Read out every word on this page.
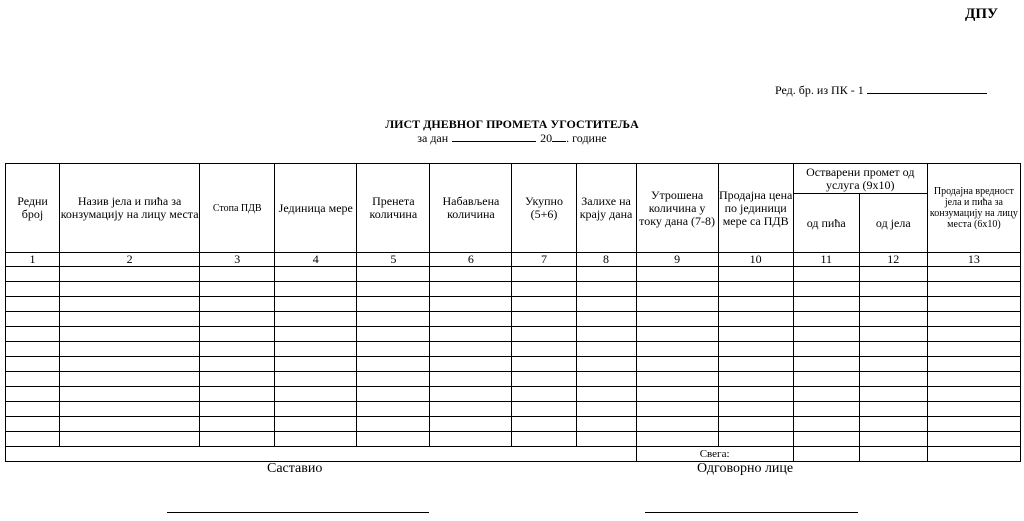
ДПУ
Ред. бр. из ПК - 1
ЛИСТ ДНЕВНОГ ПРОМЕТА УГОСТИТЕЉА
за дан	20 . године
Редни број	Назив јела и пића за конзумацију на лицу места	Стопа ПДВ	Јединица мере	Пренета количина	Набављена количина	Укупно (5+6)	Залихе на крају дана	Утрошена количина у току дана (7-8)	Продајна цена по јединици мере са ПДВ	Остварени промет од услуга (9x10)		Продајна вредност јела и пића за конзумацију на лицу места (6x10)
										од пића	од јела	
1	2	3	4	5	6	7	8	9	10	11	12	13

								Свега:				
Саставио	Одговорно лице
